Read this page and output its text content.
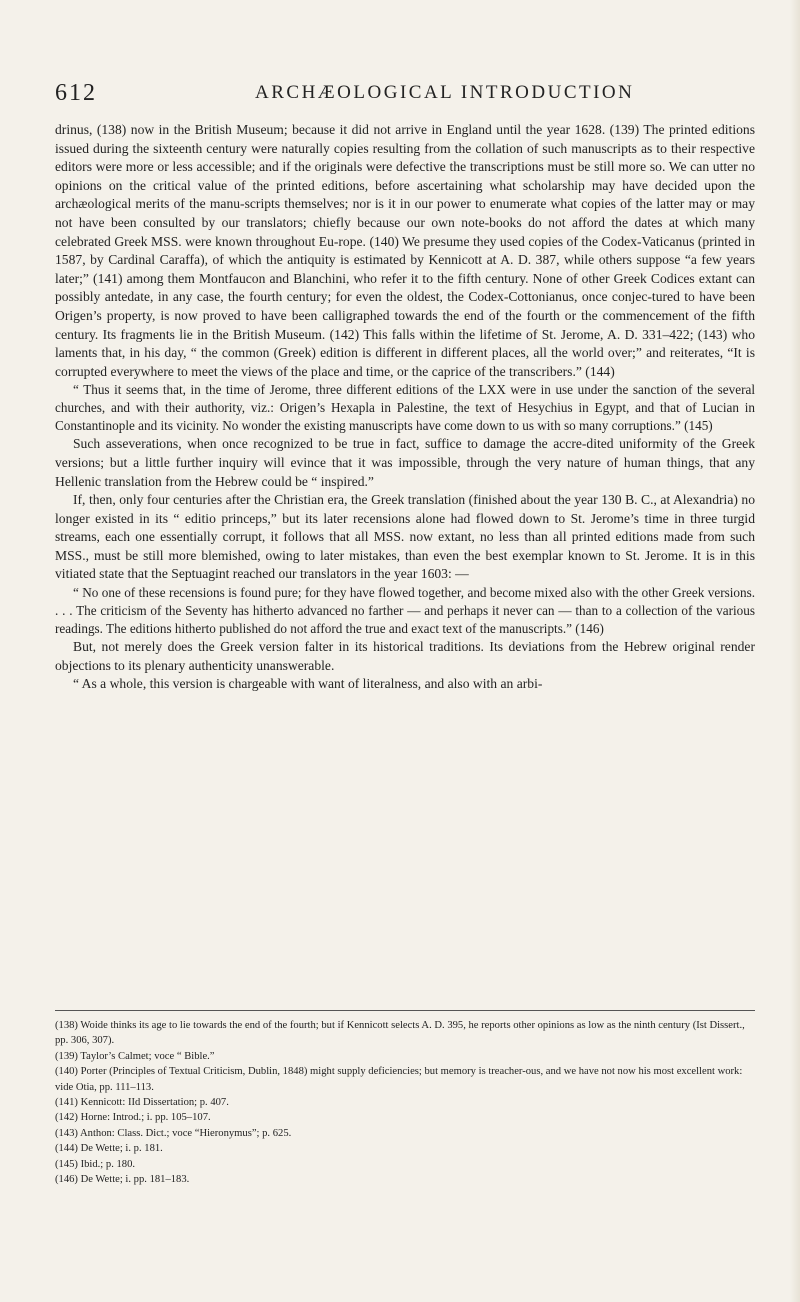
612	ARCHÆOLOGICAL INTRODUCTION

drinus, (138) now in the British Museum; because it did not arrive in England until the year 1628. (139) The printed editions issued during the sixteenth century were naturally copies resulting from the collation of such manuscripts as to their respective editors were more or less accessible; and if the originals were defective the transcriptions must be still more so. We can utter no opinions on the critical value of the printed editions, before ascertaining what scholarship may have decided upon the archæological merits of the manu-scripts themselves; nor is it in our power to enumerate what copies of the latter may or may not have been consulted by our translators; chiefly because our own note-books do not afford the dates at which many celebrated Greek MSS. were known throughout Eu-rope. (140) We presume they used copies of the Codex-Vaticanus (printed in 1587, by Cardinal Caraffa), of which the antiquity is estimated by Kennicott at A. D. 387, while others suppose “a few years later;” (141) among them Montfaucon and Blanchini, who refer it to the fifth century. None of other Greek Codices extant can possibly antedate, in any case, the fourth century; for even the oldest, the Codex-Cottonianus, once conjec-tured to have been Origen’s property, is now proved to have been calligraphed towards the end of the fourth or the commencement of the fifth century. Its fragments lie in the British Museum. (142) This falls within the lifetime of St. Jerome, A. D. 331–422; (143) who laments that, in his day, “ the common (Greek) edition is different in different places, all the world over;” and reiterates, “It is corrupted everywhere to meet the views of the place and time, or the caprice of the transcribers.” (144)

“ Thus it seems that, in the time of Jerome, three different editions of the LXX were in use under the sanction of the several churches, and with their authority, viz.: Origen’s Hexapla in Palestine, the text of Hesychius in Egypt, and that of Lucian in Constantinople and its vicinity. No wonder the existing manuscripts have come down to us with so many corruptions.” (145)

Such asseverations, when once recognized to be true in fact, suffice to damage the accre-dited uniformity of the Greek versions; but a little further inquiry will evince that it was impossible, through the very nature of human things, that any Hellenic translation from the Hebrew could be “ inspired.”

If, then, only four centuries after the Christian era, the Greek translation (finished about the year 130 B. C., at Alexandria) no longer existed in its “ editio princeps,” but its later recensions alone had flowed down to St. Jerome’s time in three turgid streams, each one essentially corrupt, it follows that all MSS. now extant, no less than all printed editions made from such MSS., must be still more blemished, owing to later mistakes, than even the best exemplar known to St. Jerome. It is in this vitiated state that the Septuagint reached our translators in the year 1603: —

“ No one of these recensions is found pure; for they have flowed together, and become mixed also with the other Greek versions. . . . The criticism of the Seventy has hitherto advanced no farther — and perhaps it never can — than to a collection of the various readings. The editions hitherto published do not afford the true and exact text of the manuscripts.” (146)

But, not merely does the Greek version falter in its historical traditions. Its deviations from the Hebrew original render objections to its plenary authenticity unanswerable.

“ As a whole, this version is chargeable with want of literalness, and also with an arbi-

(138) Woide thinks its age to lie towards the end of the fourth; but if Kennicott selects A. D. 395, he reports other opinions as low as the ninth century (Ist Dissert., pp. 306, 307).
(139) Taylor’s Calmet; voce “ Bible.”
(140) Porter (Principles of Textual Criticism, Dublin, 1848) might supply deficiencies; but memory is treacher-ous, and we have not now his most excellent work: vide Otia, pp. 111–113.
(141) Kennicott: IId Dissertation; p. 407.
(142) Horne: Introd.; i. pp. 105–107.
(143) Anthon: Class. Dict.; voce “Hieronymus”; p. 625.
(144) De Wette; i. p. 181.
(145) Ibid.; p. 180.
(146) De Wette; i. pp. 181–183.
